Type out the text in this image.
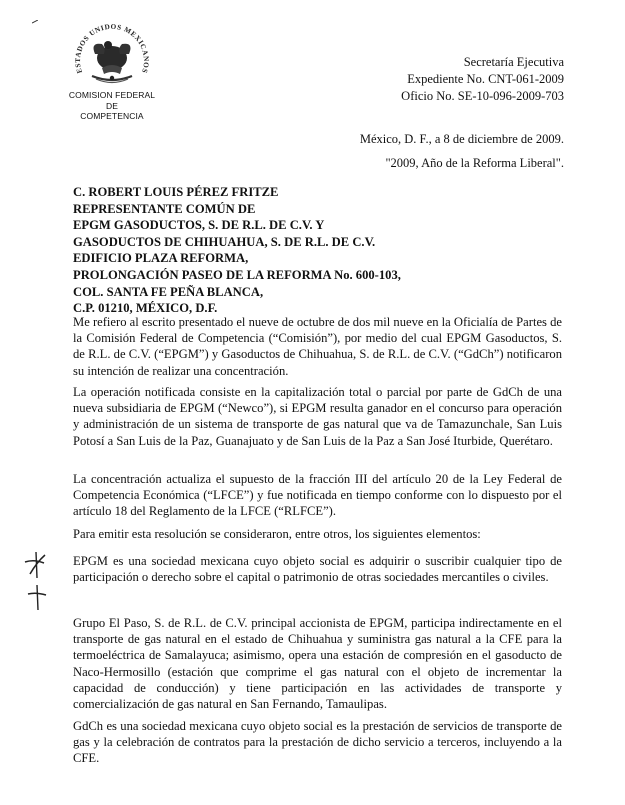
ESTADOS UNIDOS MEXICANOS
COMISION FEDERAL
DE
COMPETENCIA
Secretaría Ejecutiva
Expediente No. CNT-061-2009
Oficio No. SE-10-096-2009-703
México, D. F., a 8 de diciembre de 2009.
"2009, Año de la Reforma Liberal".
C. ROBERT LOUIS PÉREZ FRITZE
REPRESENTANTE COMÚN DE
EPGM GASODUCTOS, S. DE R.L. DE C.V. Y
GASODUCTOS DE CHIHUAHUA, S. DE R.L. DE C.V.
EDIFICIO PLAZA REFORMA,
PROLONGACIÓN PASEO DE LA REFORMA No. 600-103,
COL. SANTA FE PEÑA BLANCA,
C.P. 01210, MÉXICO, D.F.

Me refiero al escrito presentado el nueve de octubre de dos mil nueve en la Oficialía de Partes de la Comisión Federal de Competencia (“Comisión”), por medio del cual EPGM Gasoductos, S. de R.L. de C.V. (“EPGM”) y Gasoductos de Chihuahua, S. de R.L. de C.V. (“GdCh”) notificaron su intención de realizar una concentración.

La operación notificada consiste en la capitalización total o parcial por parte de GdCh de una nueva subsidiaria de EPGM (“Newco”), si EPGM resulta ganador en el concurso para operación y administración de un sistema de transporte de gas natural que va de Tamazunchale, San Luis Potosí a San Luis de la Paz, Guanajuato y de San Luis de la Paz a San José Iturbide, Querétaro.

La concentración actualiza el supuesto de la fracción III del artículo 20 de la Ley Federal de Competencia Económica (“LFCE”) y fue notificada en tiempo conforme con lo dispuesto por el artículo 18 del Reglamento de la LFCE (“RLFCE”).

Para emitir esta resolución se consideraron, entre otros, los siguientes elementos:

EPGM es una sociedad mexicana cuyo objeto social es adquirir o suscribir cualquier tipo de participación o derecho sobre el capital o patrimonio de otras sociedades mercantiles o civiles.

Grupo El Paso, S. de R.L. de C.V. principal accionista de EPGM, participa indirectamente en el transporte de gas natural en el estado de Chihuahua y suministra gas natural a la CFE para la termoeléctrica de Samalayuca; asimismo, opera una estación de compresión en el gasoducto de Naco-Hermosillo (estación que comprime el gas natural con el objeto de incrementar la capacidad de conducción) y tiene participación en las actividades de transporte y comercialización de gas natural en San Fernando, Tamaulipas.

GdCh es una sociedad mexicana cuyo objeto social es la prestación de servicios de transporte de gas y la celebración de contratos para la prestación de dicho servicio a terceros, incluyendo a la CFE.
